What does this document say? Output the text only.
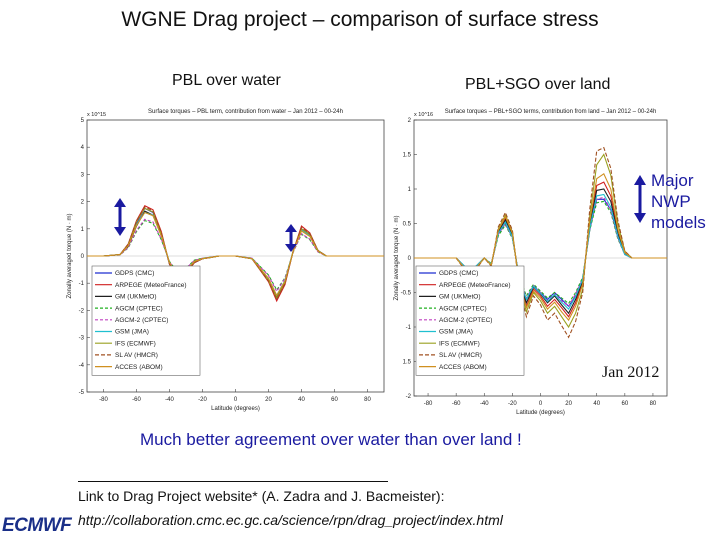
WGNE Drag project – comparison of surface stress
PBL over water	PBL+SGO over land
-80	-60	-40	-20	0	20	40	60	80
-5
-4
-3
-2
-1
0
1
2
3
4
5
x 10^15	Surface torques – PBL term, contribution from water – Jan 2012 – 00-24h
Latitude (degrees)
Zonally averaged torque (N · m)	GDPS (CMC)
ARPEGE (MeteoFrance)
GM (UKMetO)
AGCM (CPTEC)
AGCM-2 (CPTEC)
GSM (JMA)
IFS (ECMWF)
SL AV (HMCR)
ACCES (ABOM)
-80	-60	-40	-20	0	20	40	60	80
-2
1.5
-1
-0.5
0
0.5
1
1.5
2
x 10^16 Surface torques – PBL+SGO terms, contribution from land – Jan 2012 – 00-24h
Latitude (degrees)
Zonally averaged torque (N · m)	GDPS (CMC)
ARPEGE (MeteoFrance)
GM (UKMetO)
AGCM (CPTEC)
AGCM-2 (CPTEC)
GSM (JMA)
IFS (ECMWF)
SL AV (HMCR)
ACCES (ABOM)
Major
NWP
models
Jan 2012
Much better agreement over water than over land !
Link to Drag Project website* (A. Zadra and J. Bacmeister):
http://collaboration.cmc.ec.gc.ca/science/rpn/drag_project/index.html
ECMWF
